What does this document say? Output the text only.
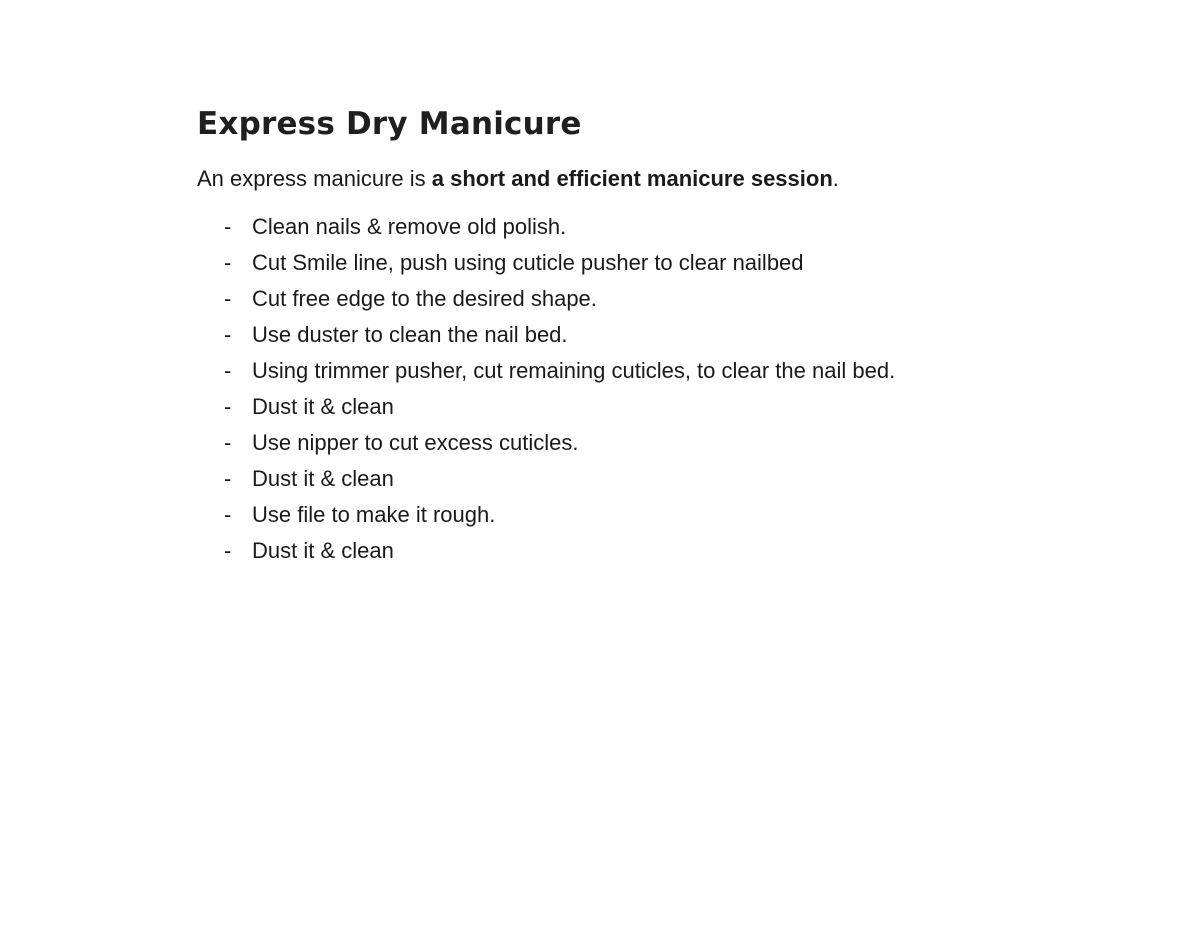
Express Dry Manicure

An express manicure is a short and efficient manicure session.

- Clean nails & remove old polish.
- Cut Smile line, push using cuticle pusher to clear nailbed
- Cut free edge to the desired shape.
- Use duster to clean the nail bed.
- Using trimmer pusher, cut remaining cuticles, to clear the nail bed.
- Dust it & clean
- Use nipper to cut excess cuticles.
- Dust it & clean
- Use file to make it rough.
- Dust it & clean
